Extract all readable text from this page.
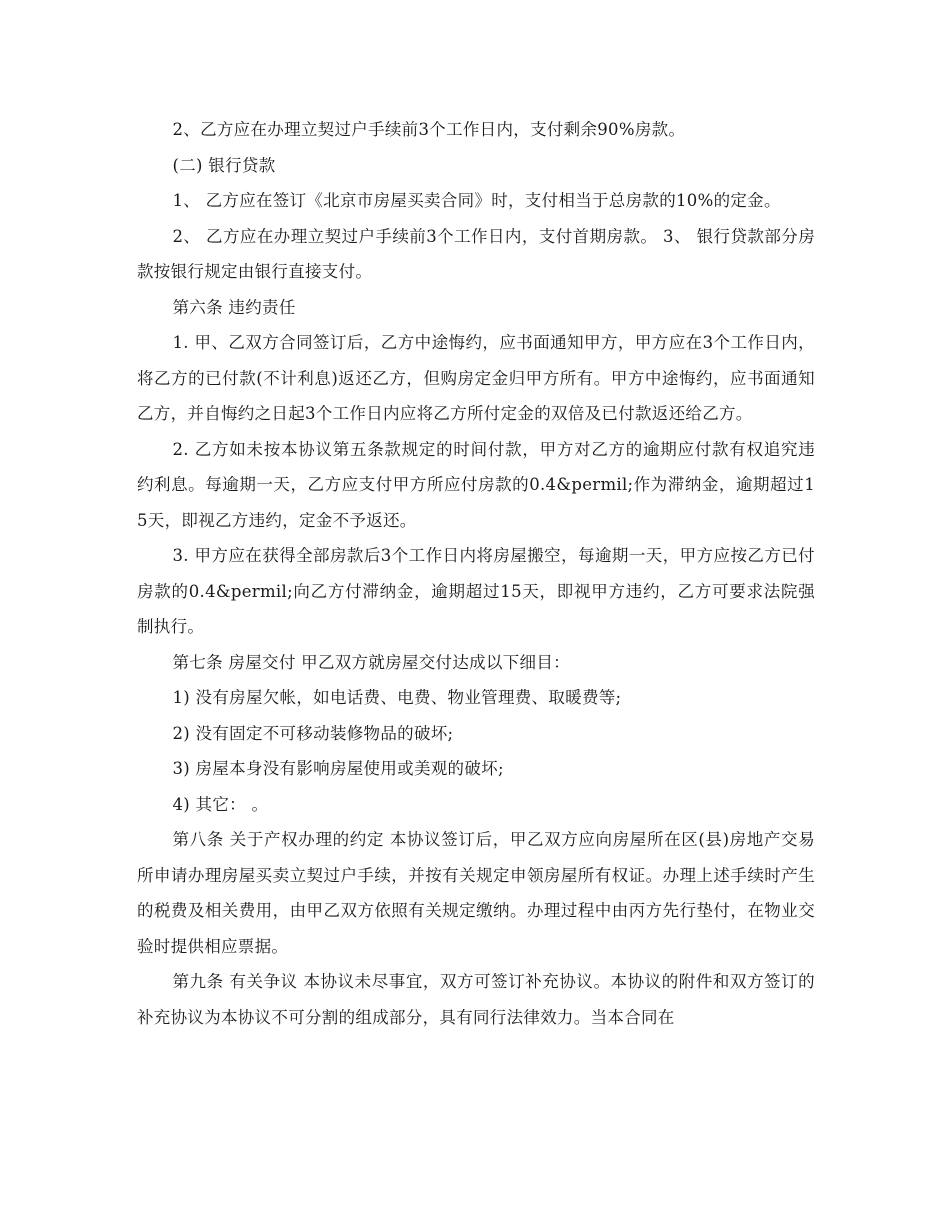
2、乙方应在办理立契过户手续前3个工作日内，支付剩余90%房款。

(二) 银行贷款

1、 乙方应在签订《北京市房屋买卖合同》时，支付相当于总房款的10%的定金。

2、 乙方应在办理立契过户手续前3个工作日内，支付首期房款。 3、 银行贷款部分房款按银行规定由银行直接支付。

第六条 违约责任

1. 甲、乙双方合同签订后，乙方中途悔约，应书面通知甲方，甲方应在3个工作日内，将乙方的已付款(不计利息)返还乙方，但购房定金归甲方所有。甲方中途悔约，应书面通知乙方，并自悔约之日起3个工作日内应将乙方所付定金的双倍及已付款返还给乙方。

2. 乙方如未按本协议第五条款规定的时间付款，甲方对乙方的逾期应付款有权追究违约利息。每逾期一天，乙方应支付甲方所应付房款的0.4&permil;作为滞纳金，逾期超过15天，即视乙方违约，定金不予返还。

3. 甲方应在获得全部房款后3个工作日内将房屋搬空，每逾期一天，甲方应按乙方已付房款的0.4&permil;向乙方付滞纳金，逾期超过15天，即视甲方违约，乙方可要求法院强制执行。

第七条 房屋交付 甲乙双方就房屋交付达成以下细目：

1) 没有房屋欠帐，如电话费、电费、物业管理费、取暖费等;

2) 没有固定不可移动装修物品的破坏;

3) 房屋本身没有影响房屋使用或美观的破坏;

4) 其它： 。

第八条 关于产权办理的约定 本协议签订后，甲乙双方应向房屋所在区(县)房地产交易所申请办理房屋买卖立契过户手续，并按有关规定申领房屋所有权证。办理上述手续时产生的税费及相关费用，由甲乙双方依照有关规定缴纳。办理过程中由丙方先行垫付，在物业交验时提供相应票据。

第九条 有关争议 本协议未尽事宜，双方可签订补充协议。本协议的附件和双方签订的补充协议为本协议不可分割的组成部分，具有同行法律效力。当本合同在
